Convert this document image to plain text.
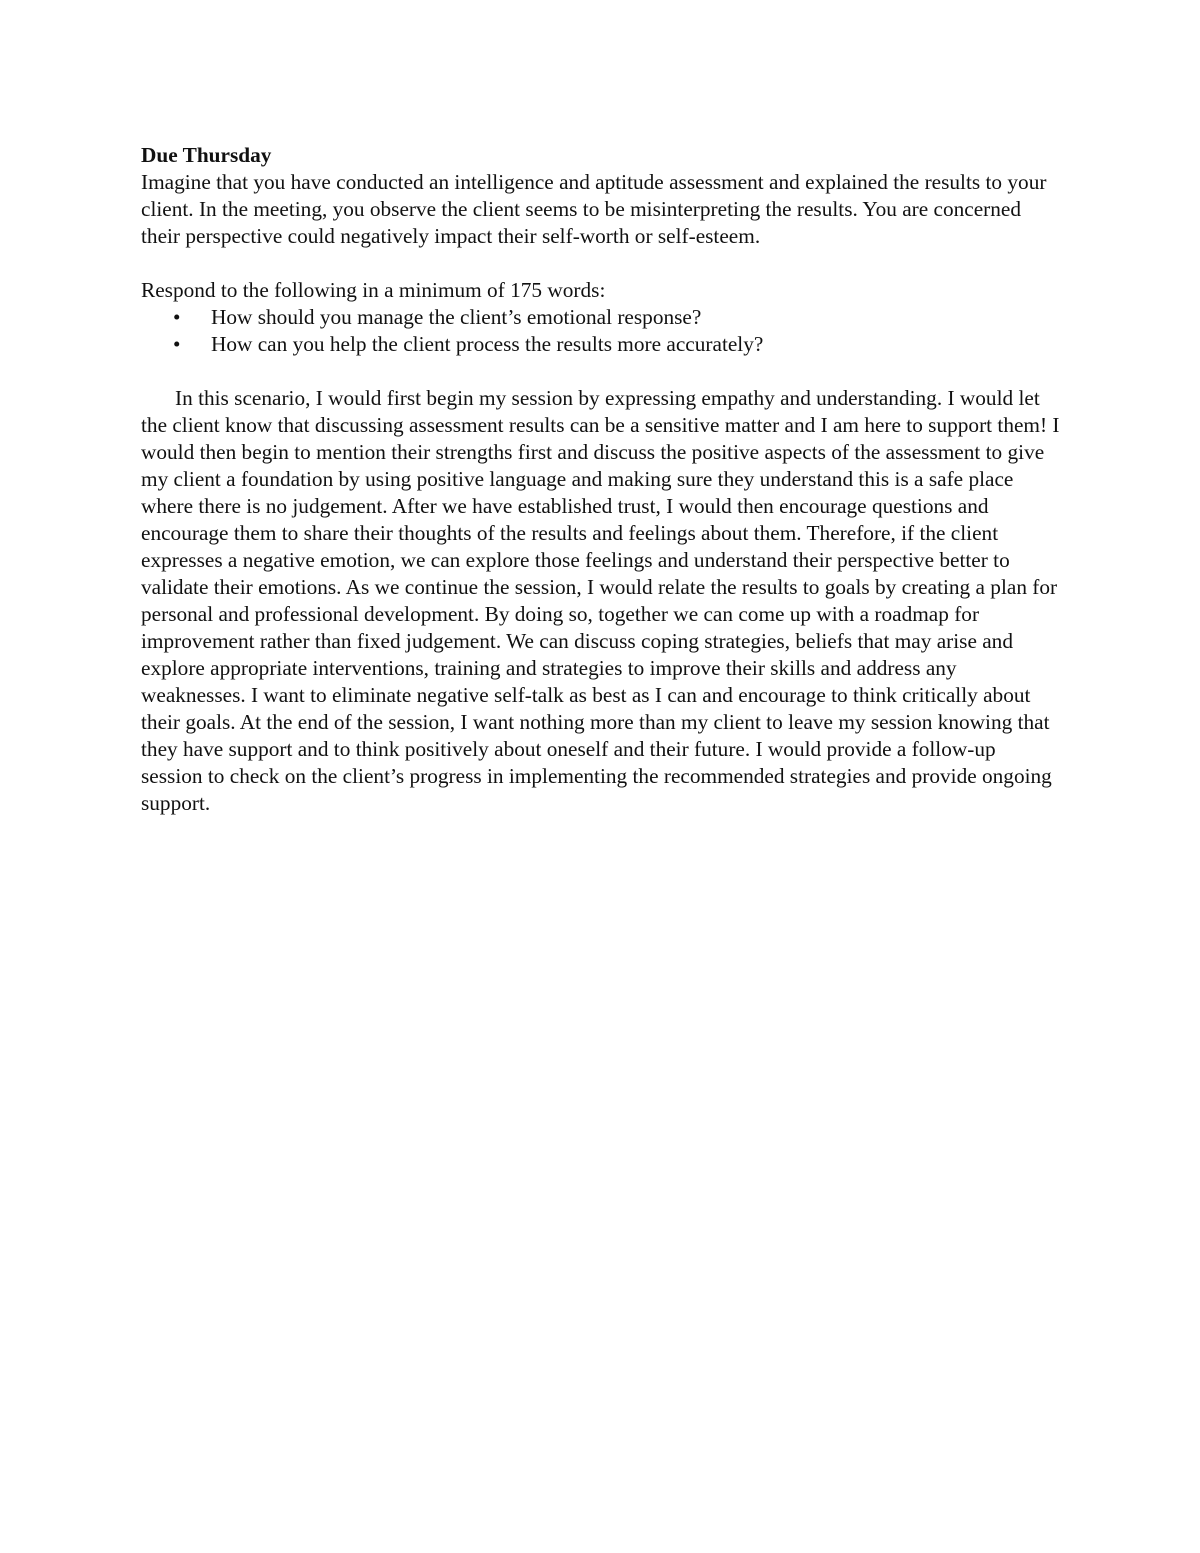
Due Thursday

Imagine that you have conducted an intelligence and aptitude assessment and explained the results to your client. In the meeting, you observe the client seems to be misinterpreting the results. You are concerned their perspective could negatively impact their self-worth or self-esteem.

Respond to the following in a minimum of 175 words:

• How should you manage the client’s emotional response?
• How can you help the client process the results more accurately?

In this scenario, I would first begin my session by expressing empathy and understanding. I would let the client know that discussing assessment results can be a sensitive matter and I am here to support them! I would then begin to mention their strengths first and discuss the positive aspects of the assessment to give my client a foundation by using positive language and making sure they understand this is a safe place where there is no judgement. After we have established trust, I would then encourage questions and encourage them to share their thoughts of the results and feelings about them. Therefore, if the client expresses a negative emotion, we can explore those feelings and understand their perspective better to validate their emotions. As we continue the session, I would relate the results to goals by creating a plan for personal and professional development. By doing so, together we can come up with a roadmap for improvement rather than fixed judgement. We can discuss coping strategies, beliefs that may arise and explore appropriate interventions, training and strategies to improve their skills and address any weaknesses. I want to eliminate negative self-talk as best as I can and encourage to think critically about their goals. At the end of the session, I want nothing more than my client to leave my session knowing that they have support and to think positively about oneself and their future. I would provide a follow-up session to check on the client’s progress in implementing the recommended strategies and provide ongoing support.
